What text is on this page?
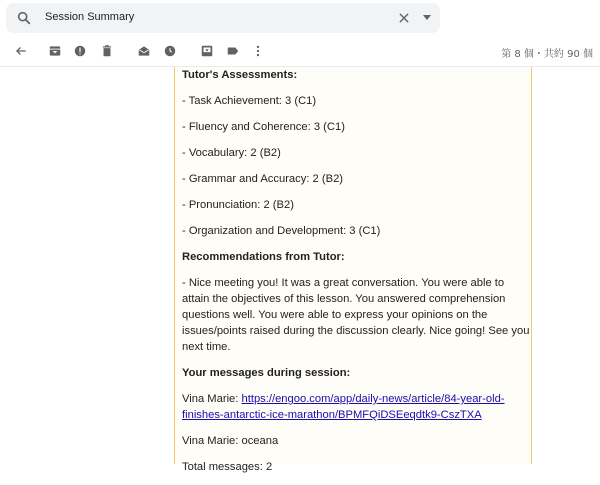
Session Summary
第 8 個・共約 90 個

Tutor's Assessments:

- Task Achievement: 3 (C1)

- Fluency and Coherence: 3 (C1)

- Vocabulary: 2 (B2)

- Grammar and Accuracy: 2 (B2)

- Pronunciation: 2 (B2)

- Organization and Development: 3 (C1)

Recommendations from Tutor:

- Nice meeting you! It was a great conversation. You were able to attain the objectives of this lesson. You answered comprehension questions well. You were able to express your opinions on the issues/points raised during the discussion clearly. Nice going! See you next time.

Your messages during session:

Vina Marie: https://engoo.com/app/daily-news/article/84-year-old-finishes-antarctic-ice-marathon/BPMFQiDSEeqdtk9-CszTXA

Vina Marie: oceana

Total messages: 2
